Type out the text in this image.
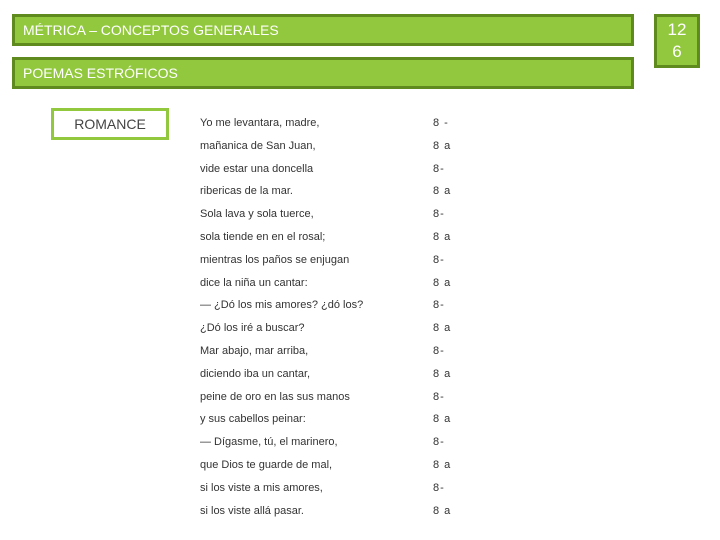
MÉTRICA – CONCEPTOS GENERALES
POEMAS ESTRÓFICOS
12
6
ROMANCE	Yo me levantara, madre,	8 -
mañanica de San Juan,	8 a
vide estar una doncella	8-
ribericas de la mar.	8 a
Sola lava y sola tuerce,	8-
sola tiende en en el rosal;	8 a
mientras los paños se enjugan	8-
dice la niña un cantar:	8 a
— ¿Dó los mis amores? ¿dó los?	8-
¿Dó los iré a buscar?	8 a
Mar abajo, mar arriba,	8-
diciendo iba un cantar,	8 a
peine de oro en las sus manos	8-
y sus cabellos peinar:	8 a
— Dígasme, tú, el marinero,	8-
que Dios te guarde de mal,	8 a
si los viste a mis amores,	8-
si los viste allá pasar.	8 a
